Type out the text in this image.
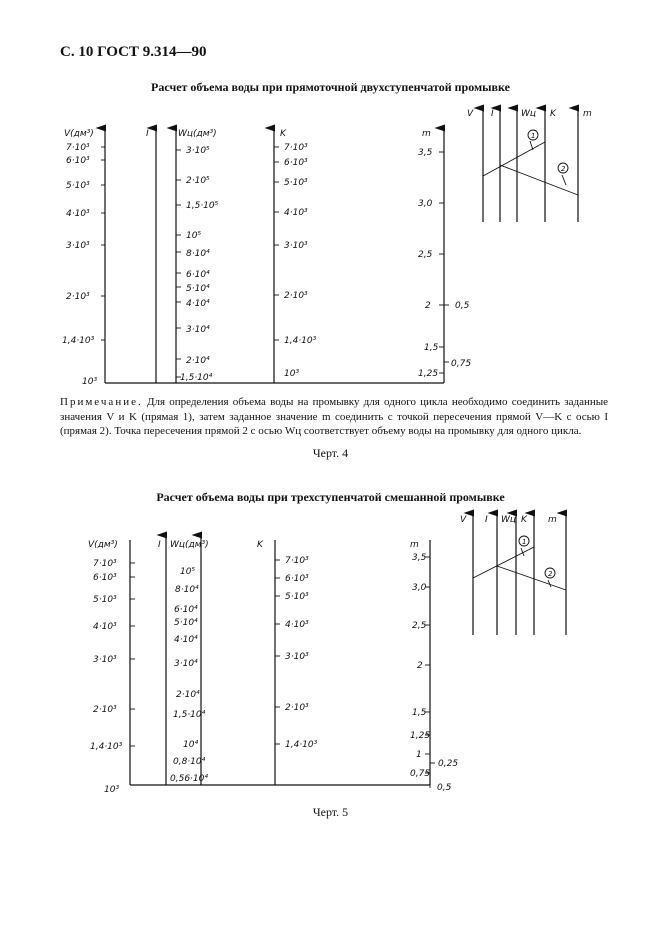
С. 10 ГОСТ 9.314—90
Расчет объема воды при прямоточной двухступенчатой промывке
V(дм³)	I	Wц(дм³)	K	m
7·10³
6·10³
5·10³
4·10³
3·10³
2·10³
1,4·10³
10³
3·10⁵
2·10⁵
1,5·10⁵
10⁵
8·10⁴
6·10⁴
5·10⁴
4·10⁴
3·10⁴
2·10⁴
1,5·10⁴
7·10³
6·10³
5·10³
4·10³
3·10³
2·10³
1,4·10³
10³
3,5
3,0
2,5
2
1,5
1,25
0,5
0,75
1
2
V I	Wц K	m
V(дм³)	I Wц(дм³)	K	m
7·10³
6·10³
5·10³
4·10³
3·10³
2·10³
1,4·10³
10³
10⁵
8·10⁴
6·10⁴
5·10⁴
4·10⁴
3·10⁴
2·10⁴
1,5·10⁴
10⁴
0,8·10⁴
0,56·10⁴
7·10³
6·10³
5·10³
4·10³
3·10³
2·10³
1,4·10³
3,5
3,0
2,5
2
1,5
1,25
1
0,75
0,5
0,25
1
2
V I Wц K m
Примечание. Для определения объема воды на промывку для одного цикла необходимо соединить заданные значения V и K (прямая 1), затем заданное значение m соединить с точкой пересечения прямой V—K с осью I (прямая 2). Точка пересечения прямой 2 с осью Wц соответствует объему воды на промывку для одного цикла.
Черт. 4
Расчет объема воды при трехступенчатой смешанной промывке
Черт. 5
